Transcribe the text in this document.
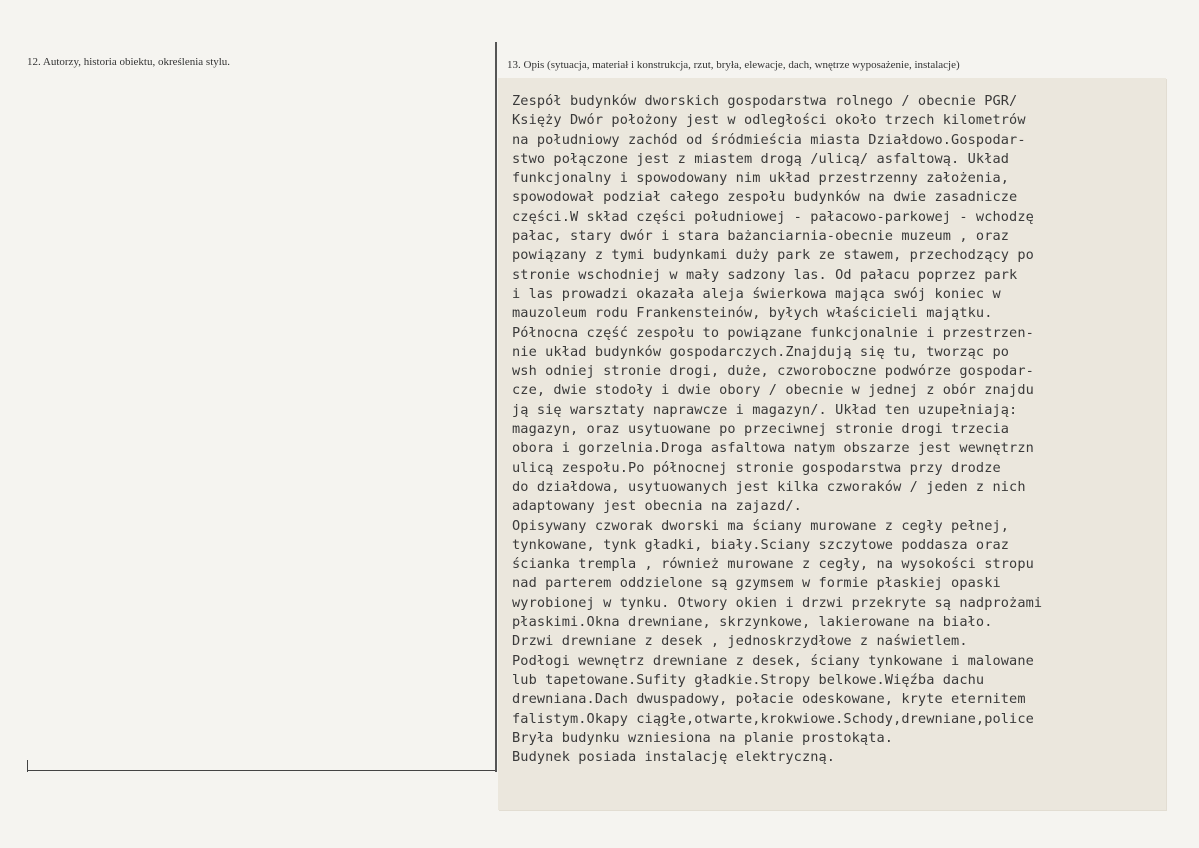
12. Autorzy, historia obiektu, określenia stylu.	13. Opis (sytuacja, materiał i konstrukcja, rzut, bryła, elewacje, dach, wnętrze wyposażenie, instalacje)
Zespół budynków dworskich gospodarstwa rolnego / obecnie PGR/
Księży Dwór położony jest w odległości około trzech kilometrów
na południowy zachód od śródmieścia miasta Działdowo.Gospodar-
stwo połączone jest z miastem drogą /ulicą/ asfaltową. Układ
funkcjonalny i spowodowany nim układ przestrzenny założenia,
spowodował podział całego zespołu budynków na dwie zasadnicze
części.W skład części południowej - pałacowo-parkowej - wchodzę
pałac, stary dwór i stara bażanciarnia-obecnie muzeum , oraz
powiązany z tymi budynkami duży park ze stawem, przechodzący po
stronie wschodniej w mały sadzony las. Od pałacu poprzez park
i las prowadzi okazała aleja świerkowa mająca swój koniec w
mauzoleum rodu Frankensteinów, byłych właścicieli majątku.
Północna część zespołu to powiązane funkcjonalnie i przestrzen-
nie układ budynków gospodarczych.Znajdują się tu, tworząc po
wsh odniej stronie drogi, duże, czworoboczne podwórze gospodar-
cze, dwie stodoły i dwie obory / obecnie w jednej z obór znajdu
ją się warsztaty naprawcze i magazyn/. Układ ten uzupełniają:
magazyn, oraz usytuowane po przeciwnej stronie drogi trzecia
obora i gorzelnia.Droga asfaltowa natym obszarze jest wewnętrzn
ulicą zespołu.Po północnej stronie gospodarstwa przy drodze
do działdowa, usytuowanych jest kilka czworaków / jeden z nich
adaptowany jest obecnia na zajazd/.
Opisywany czworak dworski ma ściany murowane z cegły pełnej,
tynkowane, tynk gładki, biały.Sciany szczytowe poddasza oraz
ścianka trempla , również murowane z cegły, na wysokości stropu
nad parterem oddzielone są gzymsem w formie płaskiej opaski
wyrobionej w tynku. Otwory okien i drzwi przekryte są nadprożami
płaskimi.Okna drewniane, skrzynkowe, lakierowane na biało.
Drzwi drewniane z desek , jednoskrzydłowe z naświetlem.
Podłogi wewnętrz drewniane z desek, ściany tynkowane i malowane
lub tapetowane.Sufity gładkie.Stropy belkowe.Więźba dachu
drewniana.Dach dwuspadowy, połacie odeskowane, kryte eternitem
falistym.Okapy ciągłe,otwarte,krokwiowe.Schody,drewniane,police
Bryła budynku wzniesiona na planie prostokąta.
Budynek posiada instalację elektryczną.
